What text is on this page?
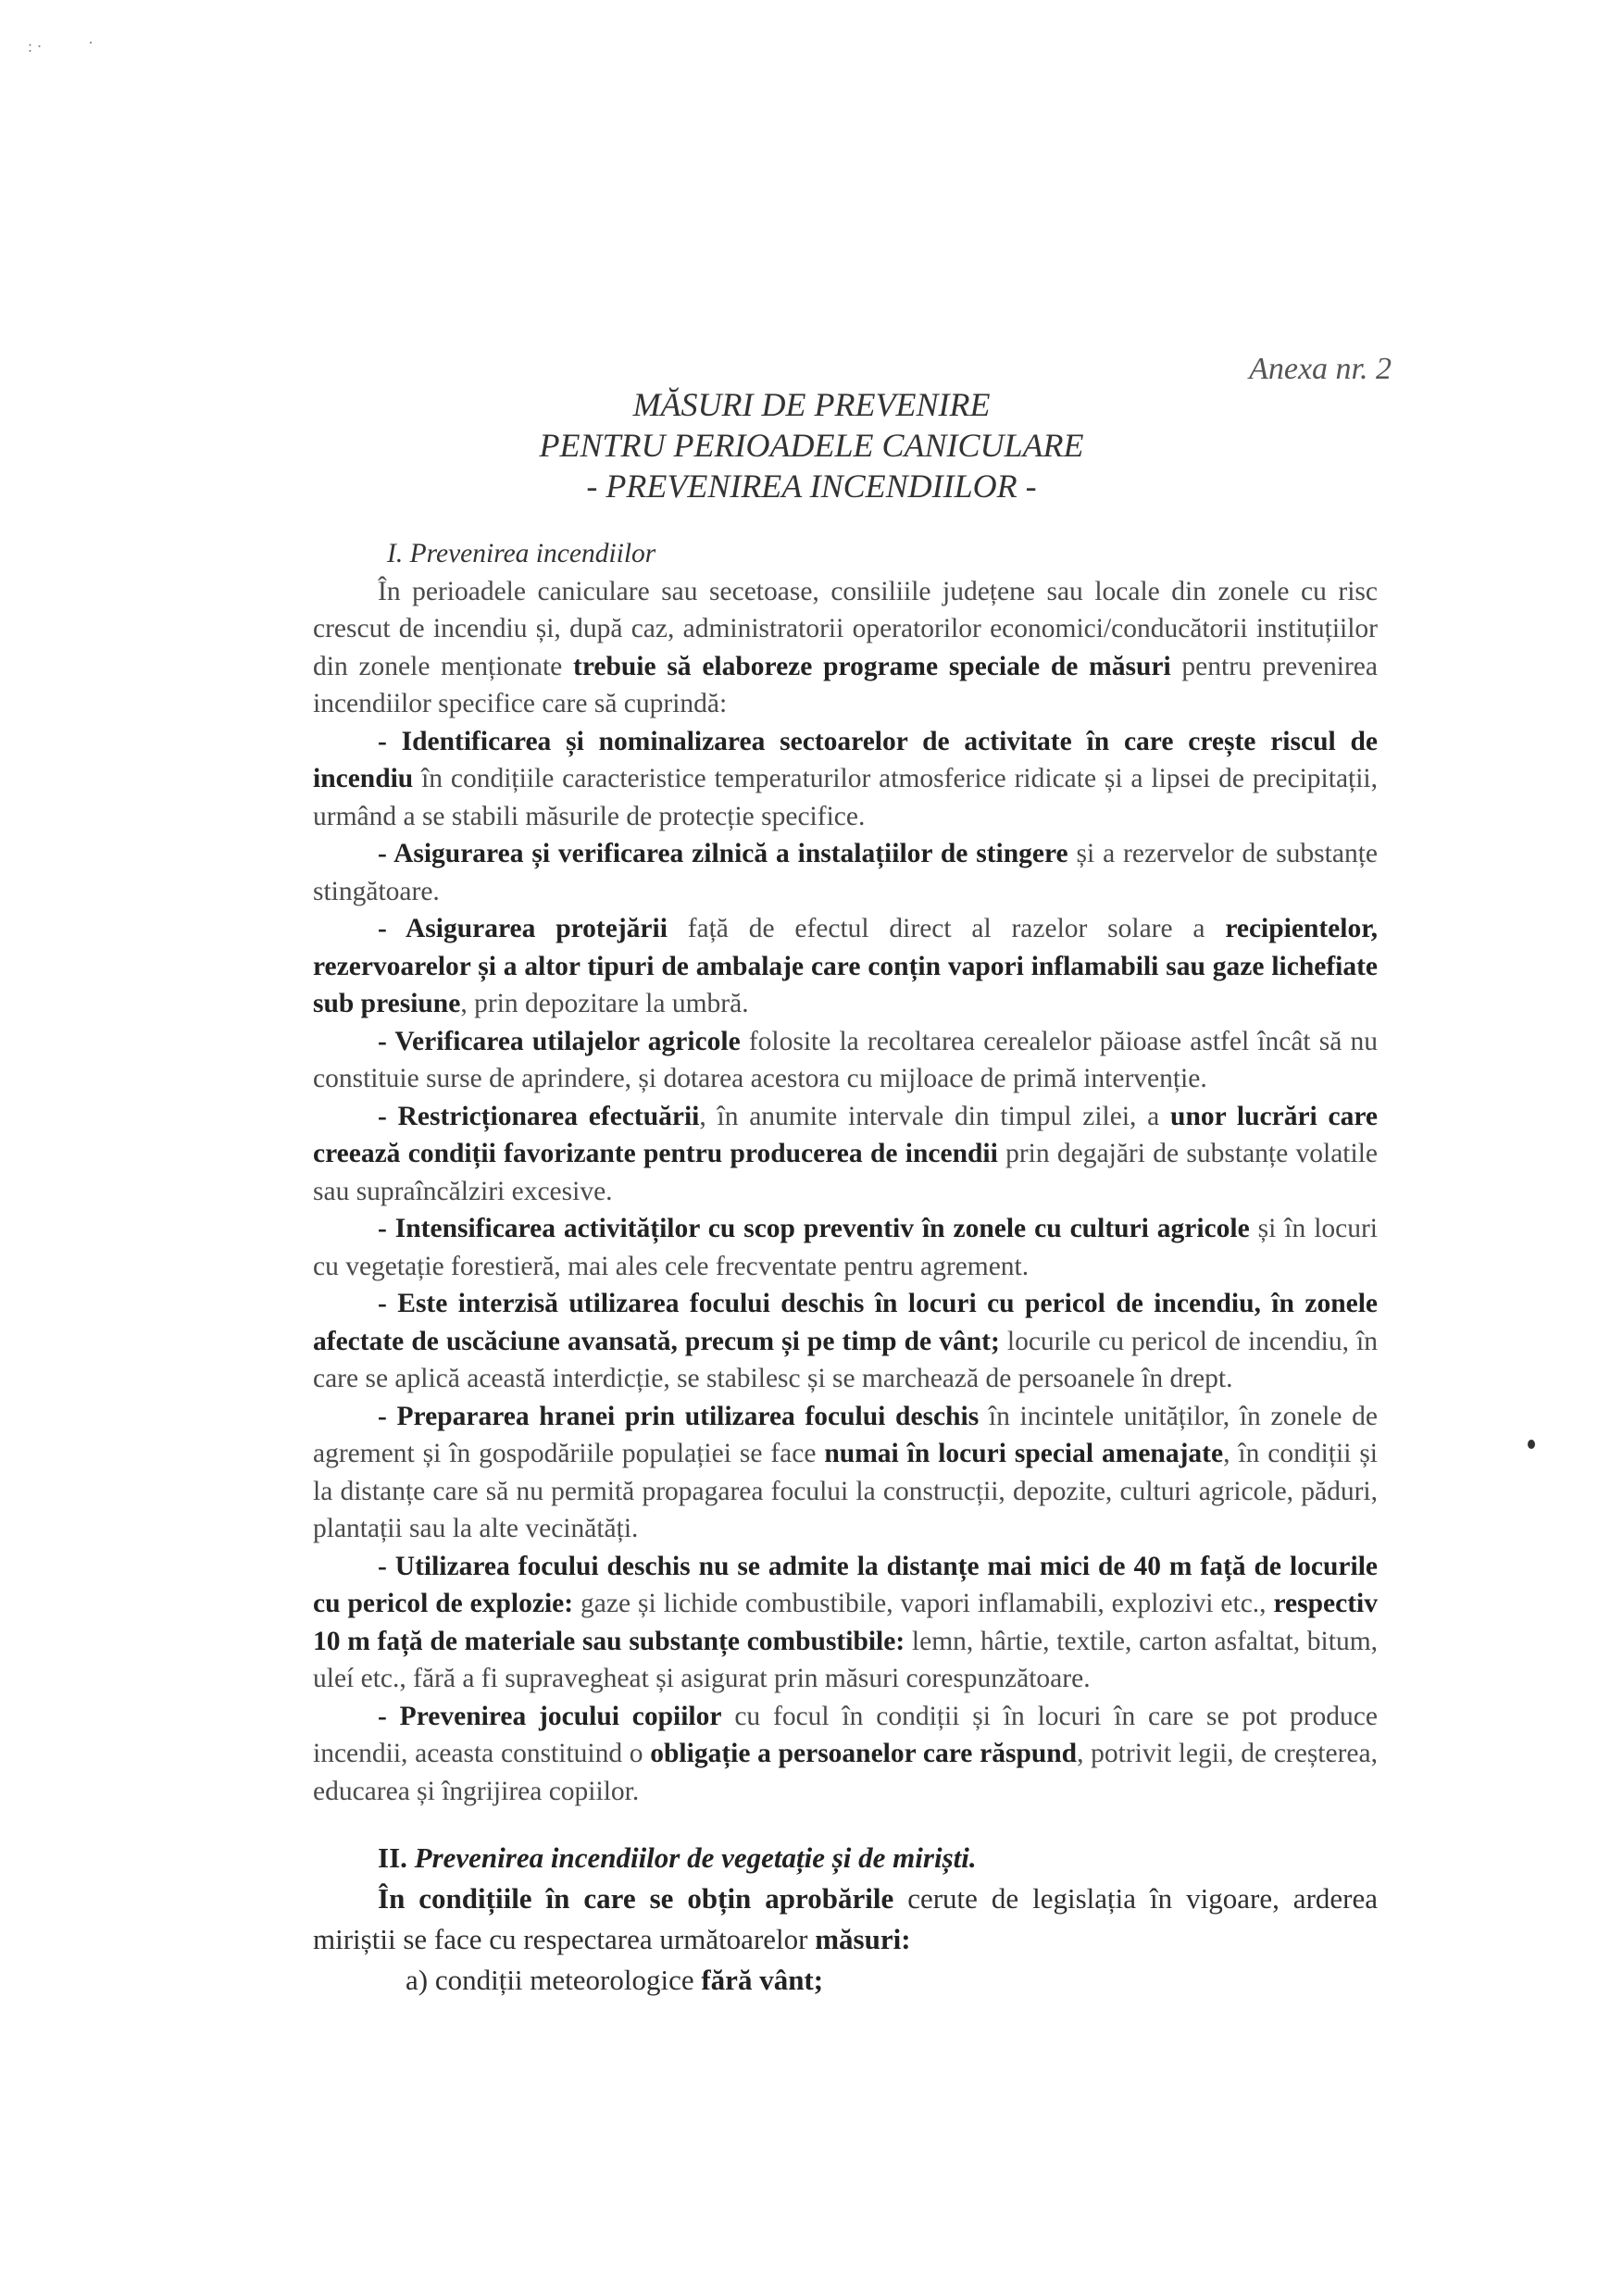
: ·	·
Anexa nr. 2
MĂSURI DE PREVENIRE
PENTRU PERIOADELE CANICULARE
- PREVENIREA INCENDIILOR -

I. Prevenirea incendiilor

În perioadele caniculare sau secetoase, consiliile județene sau locale din zonele cu risc crescut de incendiu și, după caz, administratorii operatorilor economici/conducătorii instituțiilor din zonele menționate trebuie să elaboreze programe speciale de măsuri pentru prevenirea incendiilor specifice care să cuprindă:

- Identificarea și nominalizarea sectoarelor de activitate în care crește riscul de incendiu în condițiile caracteristice temperaturilor atmosferice ridicate și a lipsei de precipitații, urmând a se stabili măsurile de protecție specifice.

- Asigurarea și verificarea zilnică a instalațiilor de stingere și a rezervelor de substanțe stingătoare.

- Asigurarea protejării față de efectul direct al razelor solare a recipientelor, rezervoarelor și a altor tipuri de ambalaje care conțin vapori inflamabili sau gaze lichefiate sub presiune, prin depozitare la umbră.

- Verificarea utilajelor agricole folosite la recoltarea cerealelor păioase astfel încât să nu constituie surse de aprindere, și dotarea acestora cu mijloace de primă intervenție.

- Restricționarea efectuării, în anumite intervale din timpul zilei, a unor lucrări care creează condiții favorizante pentru producerea de incendii prin degajări de substanțe volatile sau supraîncălziri excesive.

- Intensificarea activităților cu scop preventiv în zonele cu culturi agricole și în locuri cu vegetație forestieră, mai ales cele frecventate pentru agrement.

- Este interzisă utilizarea focului deschis în locuri cu pericol de incendiu, în zonele afectate de uscăciune avansată, precum și pe timp de vânt; locurile cu pericol de incendiu, în care se aplică această interdicție, se stabilesc și se marchează de persoanele în drept.

- Prepararea hranei prin utilizarea focului deschis în incintele unităților, în zonele de agrement și în gospodăriile populației se face numai în locuri special amenajate, în condiții și la distanțe care să nu permită propagarea focului la construcții, depozite, culturi agricole, păduri, plantații sau la alte vecinătăți.

- Utilizarea focului deschis nu se admite la distanțe mai mici de 40 m față de locurile cu pericol de explozie: gaze și lichide combustibile, vapori inflamabili, explozivi etc., respectiv 10 m față de materiale sau substanțe combustibile: lemn, hârtie, textile, carton asfaltat, bitum, uleí etc., fără a fi supravegheat și asigurat prin măsuri corespunzătoare.

- Prevenirea jocului copiilor cu focul în condiții și în locuri în care se pot produce incendii, aceasta constituind o obligație a persoanelor care răspund, potrivit legii, de creșterea, educarea și îngrijirea copiilor.

II. Prevenirea incendiilor de vegetație și de miriști.

În condițiile în care se obțin aprobările cerute de legislația în vigoare, arderea miriștii se face cu respectarea următoarelor măsuri:

a) condiții meteorologice fără vânt;
